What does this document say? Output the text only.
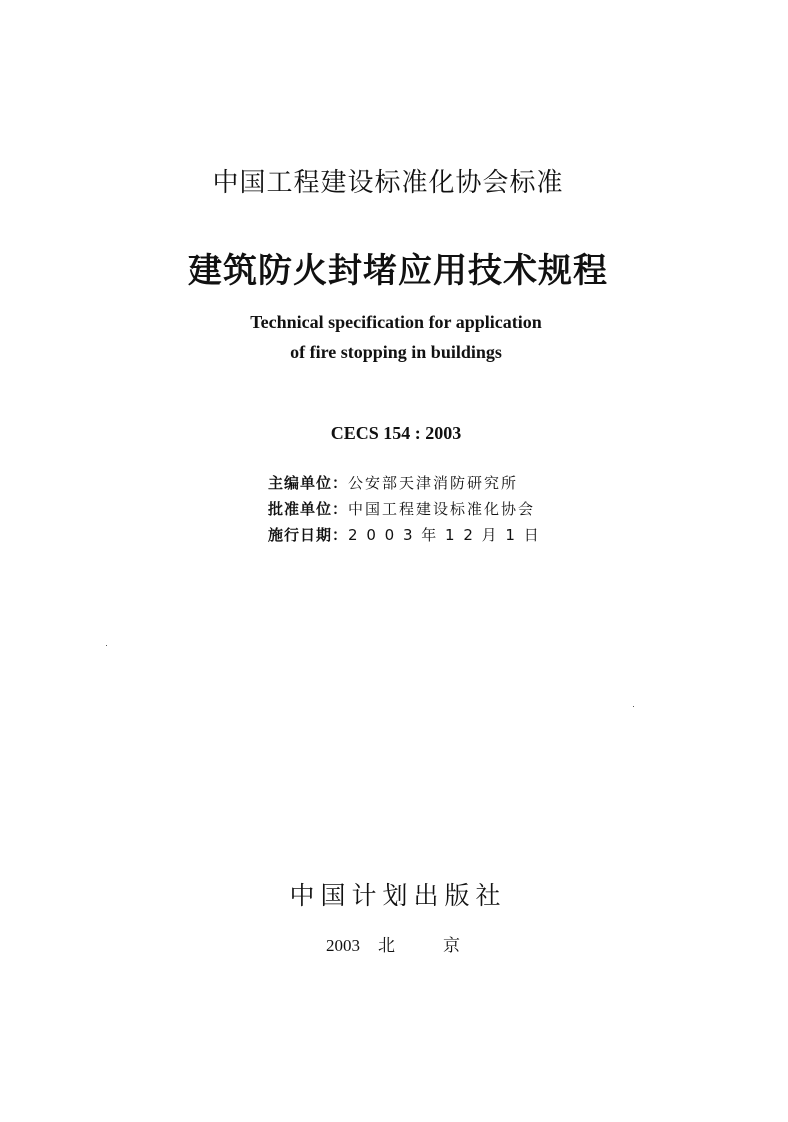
中国工程建设标准化协会标准
建筑防火封堵应用技术规程
Technical specification for application
of fire stopping in buildings
CECS 154 : 2003
主编单位：公安部天津消防研究所
批准单位：中国工程建设标准化协会
施行日期：2 0 0 3 年 1 2 月 1 日
中国计划出版社
2003 北京
